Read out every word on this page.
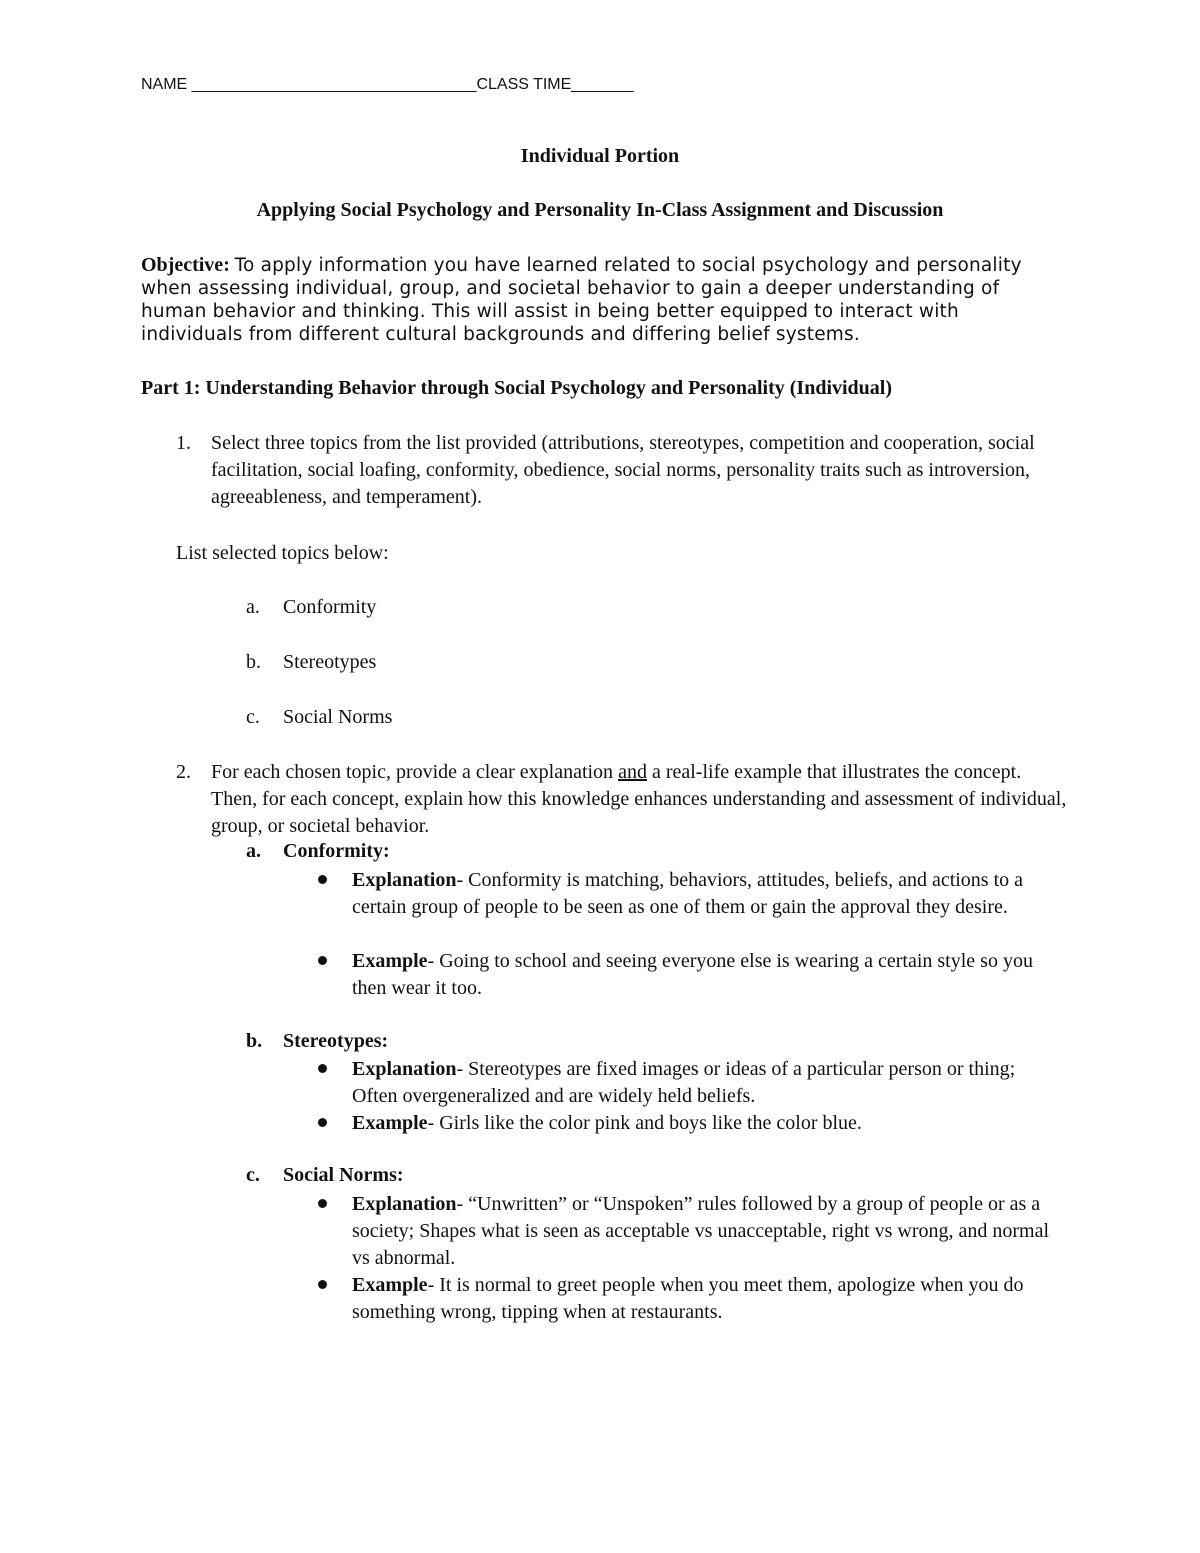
NAME ________________________________CLASS TIME_______
Individual Portion
Applying Social Psychology and Personality In-Class Assignment and Discussion
Objective: To apply information you have learned related to social psychology and personality when assessing individual, group, and societal behavior to gain a deeper understanding of human behavior and thinking. This will assist in being better equipped to interact with individuals from different cultural backgrounds and differing belief systems.
Part 1: Understanding Behavior through Social Psychology and Personality (Individual)
1. Select three topics from the list provided (attributions, stereotypes, competition and cooperation, social facilitation, social loafing, conformity, obedience, social norms, personality traits such as introversion, agreeableness, and temperament).
List selected topics below:
a. Conformity
b. Stereotypes
c. Social Norms
2. For each chosen topic, provide a clear explanation and a real-life example that illustrates the concept. Then, for each concept, explain how this knowledge enhances understanding and assessment of individual, group, or societal behavior.
a. Conformity:
Explanation- Conformity is matching, behaviors, attitudes, beliefs, and actions to a certain group of people to be seen as one of them or gain the approval they desire.
Example- Going to school and seeing everyone else is wearing a certain style so you then wear it too.
b. Stereotypes:
Explanation- Stereotypes are fixed images or ideas of a particular person or thing; Often overgeneralized and are widely held beliefs.
Example- Girls like the color pink and boys like the color blue.
c. Social Norms:
Explanation- “Unwritten” or “Unspoken” rules followed by a group of people or as a society; Shapes what is seen as acceptable vs unacceptable, right vs wrong, and normal vs abnormal.
Example- It is normal to greet people when you meet them, apologize when you do something wrong, tipping when at restaurants.
